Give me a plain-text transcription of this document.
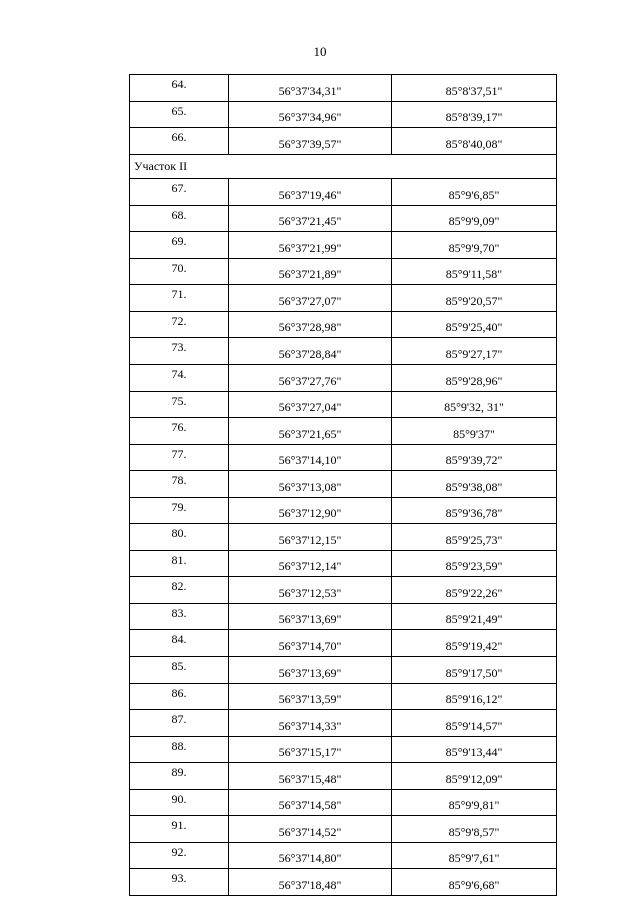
10
64.	56°37'34,31"	85°8'37,51"
65.	56°37'34,96"	85°8'39,17"
66.	56°37'39,57"	85°8'40,08"
Участок II		
67.	56°37'19,46"	85°9'6,85"
68.	56°37'21,45"	85°9'9,09"
69.	56°37'21,99"	85°9'9,70"
70.	56°37'21,89"	85°9'11,58"
71.	56°37'27,07"	85°9'20,57"
72.	56°37'28,98"	85°9'25,40"
73.	56°37'28,84"	85°9'27,17"
74.	56°37'27,76"	85°9'28,96"
75.	56°37'27,04"	85°9'32, 31"
76.	56°37'21,65"	85°9'37"
77.	56°37'14,10"	85°9'39,72"
78.	56°37'13,08"	85°9'38,08"
79.	56°37'12,90"	85°9'36,78"
80.	56°37'12,15"	85°9'25,73"
81.	56°37'12,14"	85°9'23,59"
82.	56°37'12,53"	85°9'22,26"
83.	56°37'13,69"	85°9'21,49"
84.	56°37'14,70"	85°9'19,42"
85.	56°37'13,69"	85°9'17,50"
86.	56°37'13,59"	85°9'16,12"
87.	56°37'14,33"	85°9'14,57"
88.	56°37'15,17"	85°9'13,44"
89.	56°37'15,48"	85°9'12,09"
90.	56°37'14,58"	85°9'9,81"
91.	56°37'14,52"	85°9'8,57"
92.	56°37'14,80"	85°9'7,61"
93.	56°37'18,48"	85°9'6,68"
